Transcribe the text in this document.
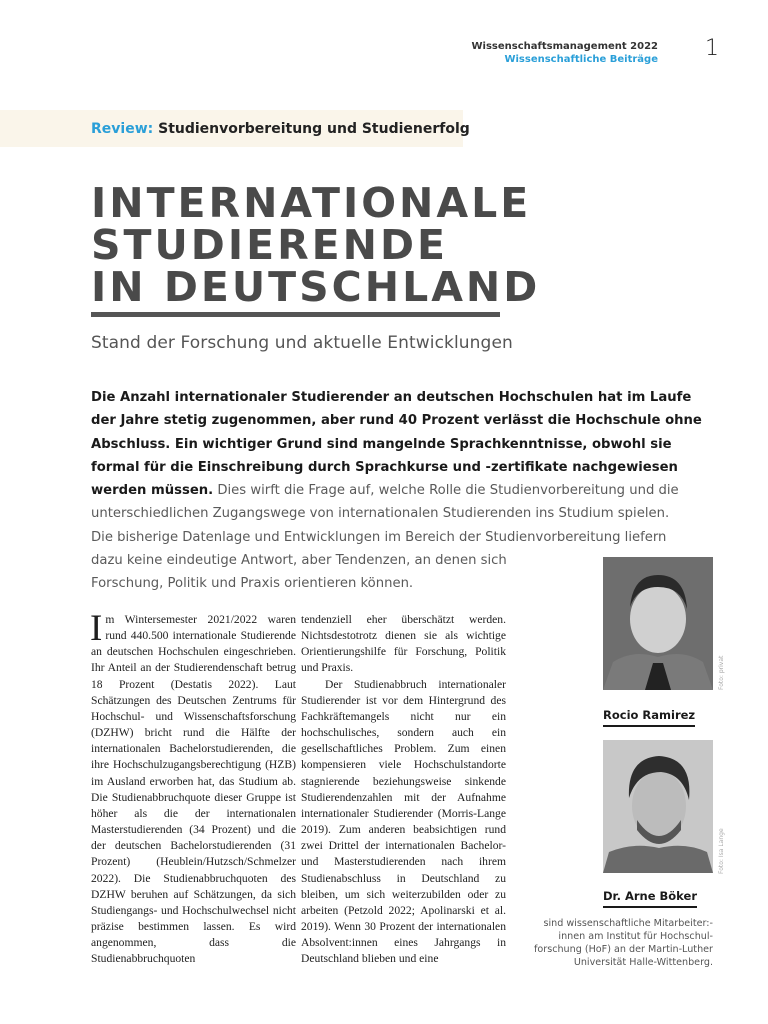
Wissenschaftsmanagement 2022
Wissenschaftliche Beiträge 1
Review: Studienvorbereitung und Studienerfolg
INTERNATIONALE
STUDIERENDE
IN DEUTSCHLAND
Stand der Forschung und aktuelle Entwicklungen
Die Anzahl internationaler Studierender an deutschen Hochschulen hat im Laufe
der Jahre stetig zugenommen, aber rund 40 Prozent verlässt die Hochschule ohne
Abschluss. Ein wichtiger Grund sind mangelnde Sprachkenntnisse, obwohl sie
formal für die Einschreibung durch Sprachkurse und -zertifikate nachgewiesen
werden müssen. Dies wirft die Frage auf, welche Rolle die Studienvorbereitung und die
unterschiedlichen Zugangswege von internationalen Studierenden ins Studium spielen.
Die bisherige Datenlage und Entwicklungen im Bereich der Studienvorbereitung liefern
dazu keine eindeutige Antwort, aber Tendenzen, an denen sich
Forschung, Politik und Praxis orientieren können.

Im Wintersemester 2021/2022 waren rund 440.500 internationale Studierende an deutschen Hochschulen eingeschrieben. Ihr Anteil an der Studierendenschaft betrug 18 Prozent (Destatis 2022). Laut Schätzungen des Deutschen Zentrums für Hochschul- und Wissenschaftsforschung (DZHW) bricht rund die Hälfte der internationalen Bachelorstudierenden, die ihre Hochschulzugangsberechtigung (HZB) im Ausland erworben hat, das Studium ab. Die Studienabbruchquote dieser Gruppe ist höher als die der internationalen Masterstudierenden (34 Prozent) und die der deutschen Bachelorstudierenden (31 Prozent) (Heublein/Hutzsch/Schmelzer 2022). Die Studienabbruchquoten des DZHW beruhen auf Schätzungen, da sich Studiengangs- und Hochschulwechsel nicht präzise bestimmen lassen. Es wird angenommen, dass die Studienabbruchquoten

tendenziell eher überschätzt werden. Nichtsdestotrotz dienen sie als wichtige Orientierungshilfe für Forschung, Politik und Praxis.

Der Studienabbruch internationaler Studierender ist vor dem Hintergrund des Fachkräftemangels nicht nur ein hochschulisches, sondern auch ein gesellschaftliches Problem. Zum einen kompensieren viele Hochschulstandorte stagnierende beziehungsweise sinkende Studierendenzahlen mit der Aufnahme internationaler Studierender (Morris-Lange 2019). Zum anderen beabsichtigen rund zwei Drittel der internationalen Bachelor- und Masterstudierenden nach ihrem Studienabschluss in Deutschland zu bleiben, um sich weiterzubilden oder zu arbeiten (Petzold 2022; Apolinarski et al. 2019). Wenn 30 Prozent der internationalen Absolvent:innen eines Jahrgangs in Deutschland blieben und eine

Foto: privat
Rocio Ramirez
Foto: Isa Lange
Dr. Arne Böker
sind wissenschaftliche Mitarbeiter:-
innen am Institut für Hochschul-
forschung (HoF) an der Martin-Luther
Universität Halle-Wittenberg.
